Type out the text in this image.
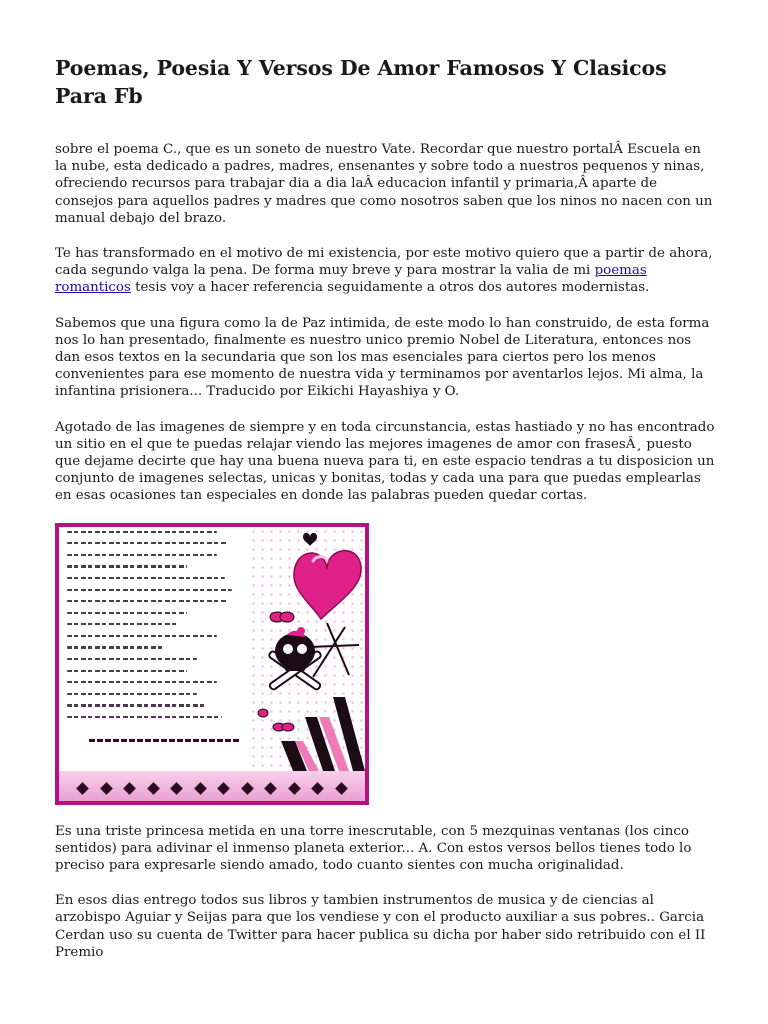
Poemas, Poesia Y Versos De Amor Famosos Y Clasicos Para Fb

sobre el poema C., que es un soneto de nuestro Vate. Recordar que nuestro portalÂ Escuela en la nube, esta dedicado a padres, madres, ensenantes y sobre todo a nuestros pequenos y ninas, ofreciendo recursos para trabajar dia a dia laÂ educacion infantil y primaria,Â aparte de consejos para aquellos padres y madres que como nosotros saben que los ninos no nacen con un manual debajo del brazo.

Te has transformado en el motivo de mi existencia, por este motivo quiero que a partir de ahora, cada segundo valga la pena. De forma muy breve y para mostrar la valia de mi poemas romanticos tesis voy a hacer referencia seguidamente a otros dos autores modernistas.

Sabemos que una figura como la de Paz intimida, de este modo lo han construido, de esta forma nos lo han presentado, finalmente es nuestro unico premio Nobel de Literatura, entonces nos dan esos textos en la secundaria que son los mas esenciales para ciertos pero los menos convenientes para ese momento de nuestra vida y terminamos por aventarlos lejos. Mi alma, la infantina prisionera... Traducido por Eikichi Hayashiya y O.

Agotado de las imagenes de siempre y en toda circunstancia, estas hastiado y no has encontrado un sitio en el que te puedas relajar viendo las mejores imagenes de amor con frasesÂ¸ puesto que dejame decirte que hay una buena nueva para ti, en este espacio tendras a tu disposicion un conjunto de imagenes selectas, unicas y bonitas, todas y cada una para que puedas emplearlas en esas ocasiones tan especiales en donde las palabras pueden quedar cortas.

Es una triste princesa metida en una torre inescrutable, con 5 mezquinas ventanas (los cinco sentidos) para adivinar el inmenso planeta exterior... A. Con estos versos bellos tienes todo lo preciso para expresarle siendo amado, todo cuanto sientes con mucha originalidad.

En esos dias entrego todos sus libros y tambien instrumentos de musica y de ciencias al arzobispo Aguiar y Seijas para que los vendiese y con el producto auxiliar a sus pobres.. Garcia Cerdan uso su cuenta de Twitter para hacer publica su dicha por haber sido retribuido con el II Premio
